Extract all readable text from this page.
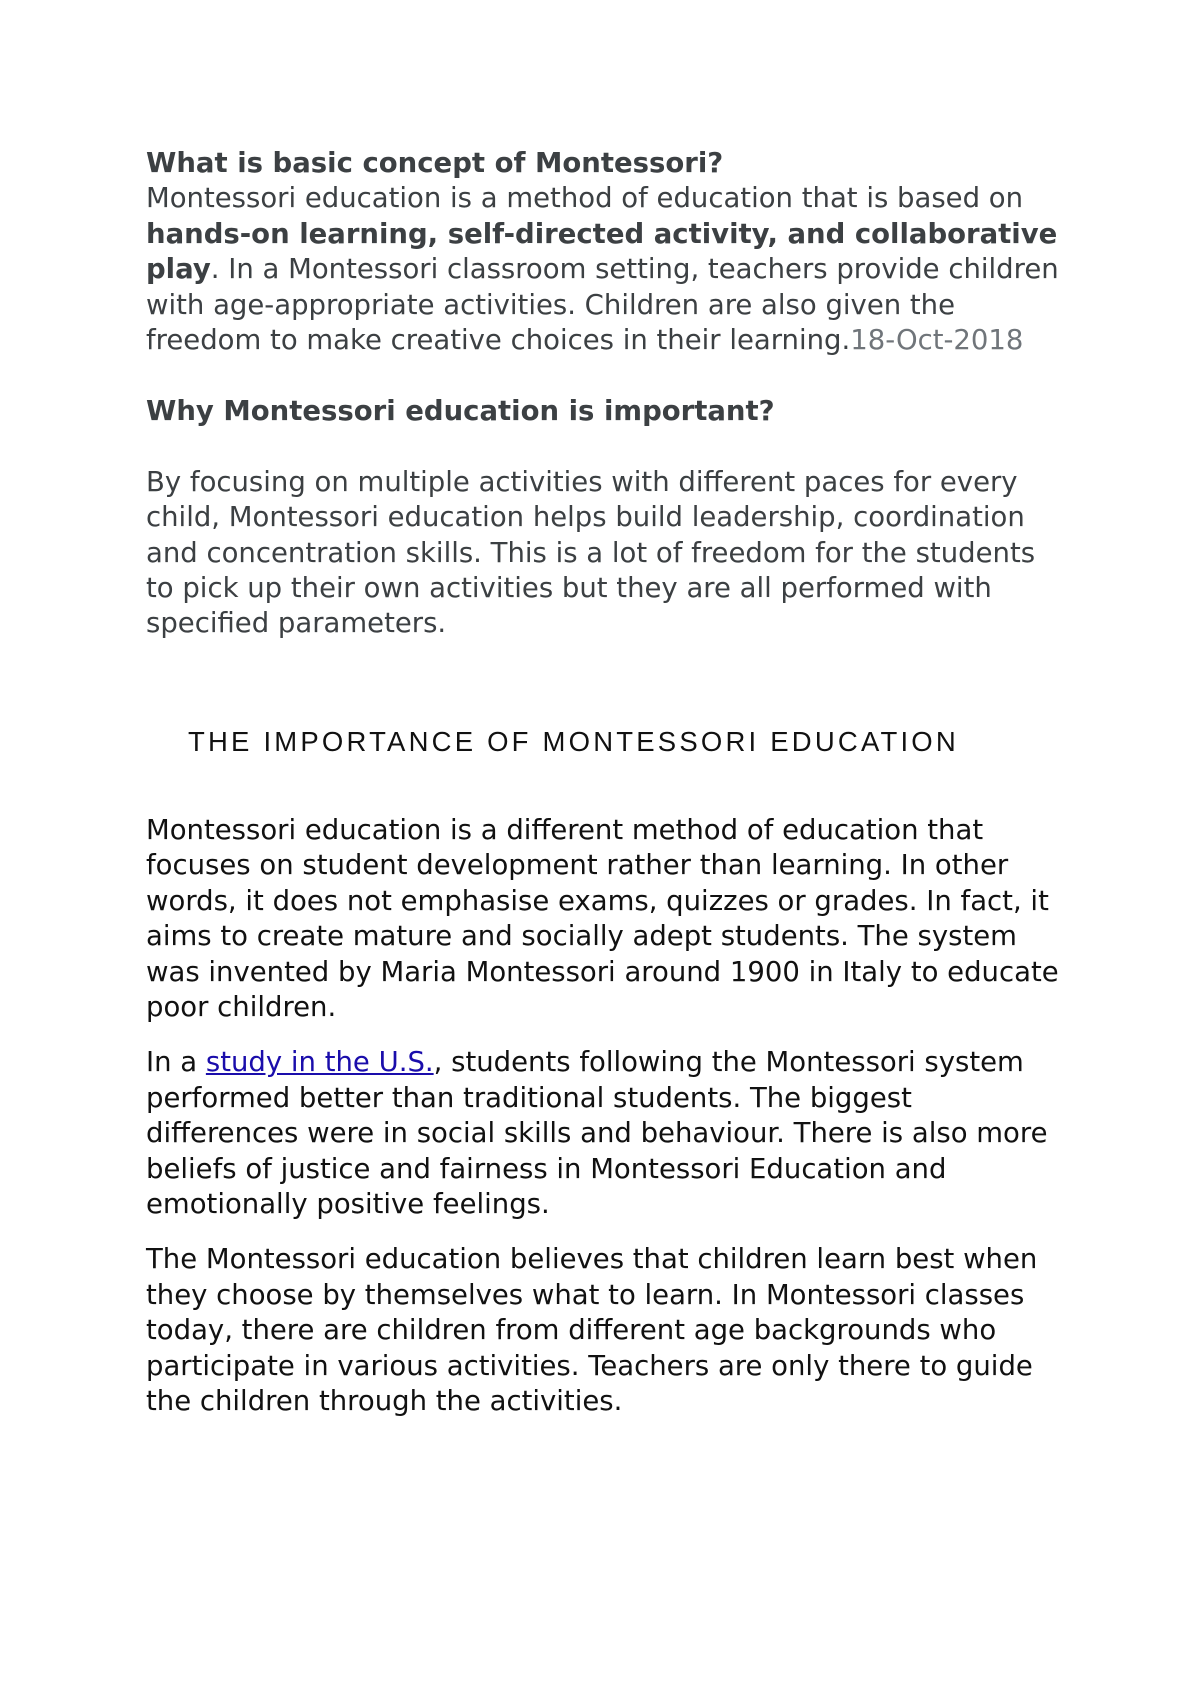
What is basic concept of Montessori?

Montessori education is a method of education that is based on hands-on learning, self-directed activity, and collaborative play. In a Montessori classroom setting, teachers provide children with age-appropriate activities. Children are also given the freedom to make creative choices in their learning.18-Oct-2018

Why Montessori education is important?

By focusing on multiple activities with different paces for every child, Montessori education helps build leadership, coordination and concentration skills. This is a lot of freedom for the students to pick up their own activities but they are all performed with specified parameters.

THE IMPORTANCE OF MONTESSORI EDUCATION

Montessori education is a different method of education that focuses on student development rather than learning. In other words, it does not emphasise exams, quizzes or grades. In fact, it aims to create mature and socially adept students. The system was invented by Maria Montessori around 1900 in Italy to educate poor children.

In a study in the U.S., students following the Montessori system performed better than traditional students. The biggest differences were in social skills and behaviour. There is also more beliefs of justice and fairness in Montessori Education and emotionally positive feelings.

The Montessori education believes that children learn best when they choose by themselves what to learn. In Montessori classes today, there are children from different age backgrounds who participate in various activities. Teachers are only there to guide the children through the activities.
